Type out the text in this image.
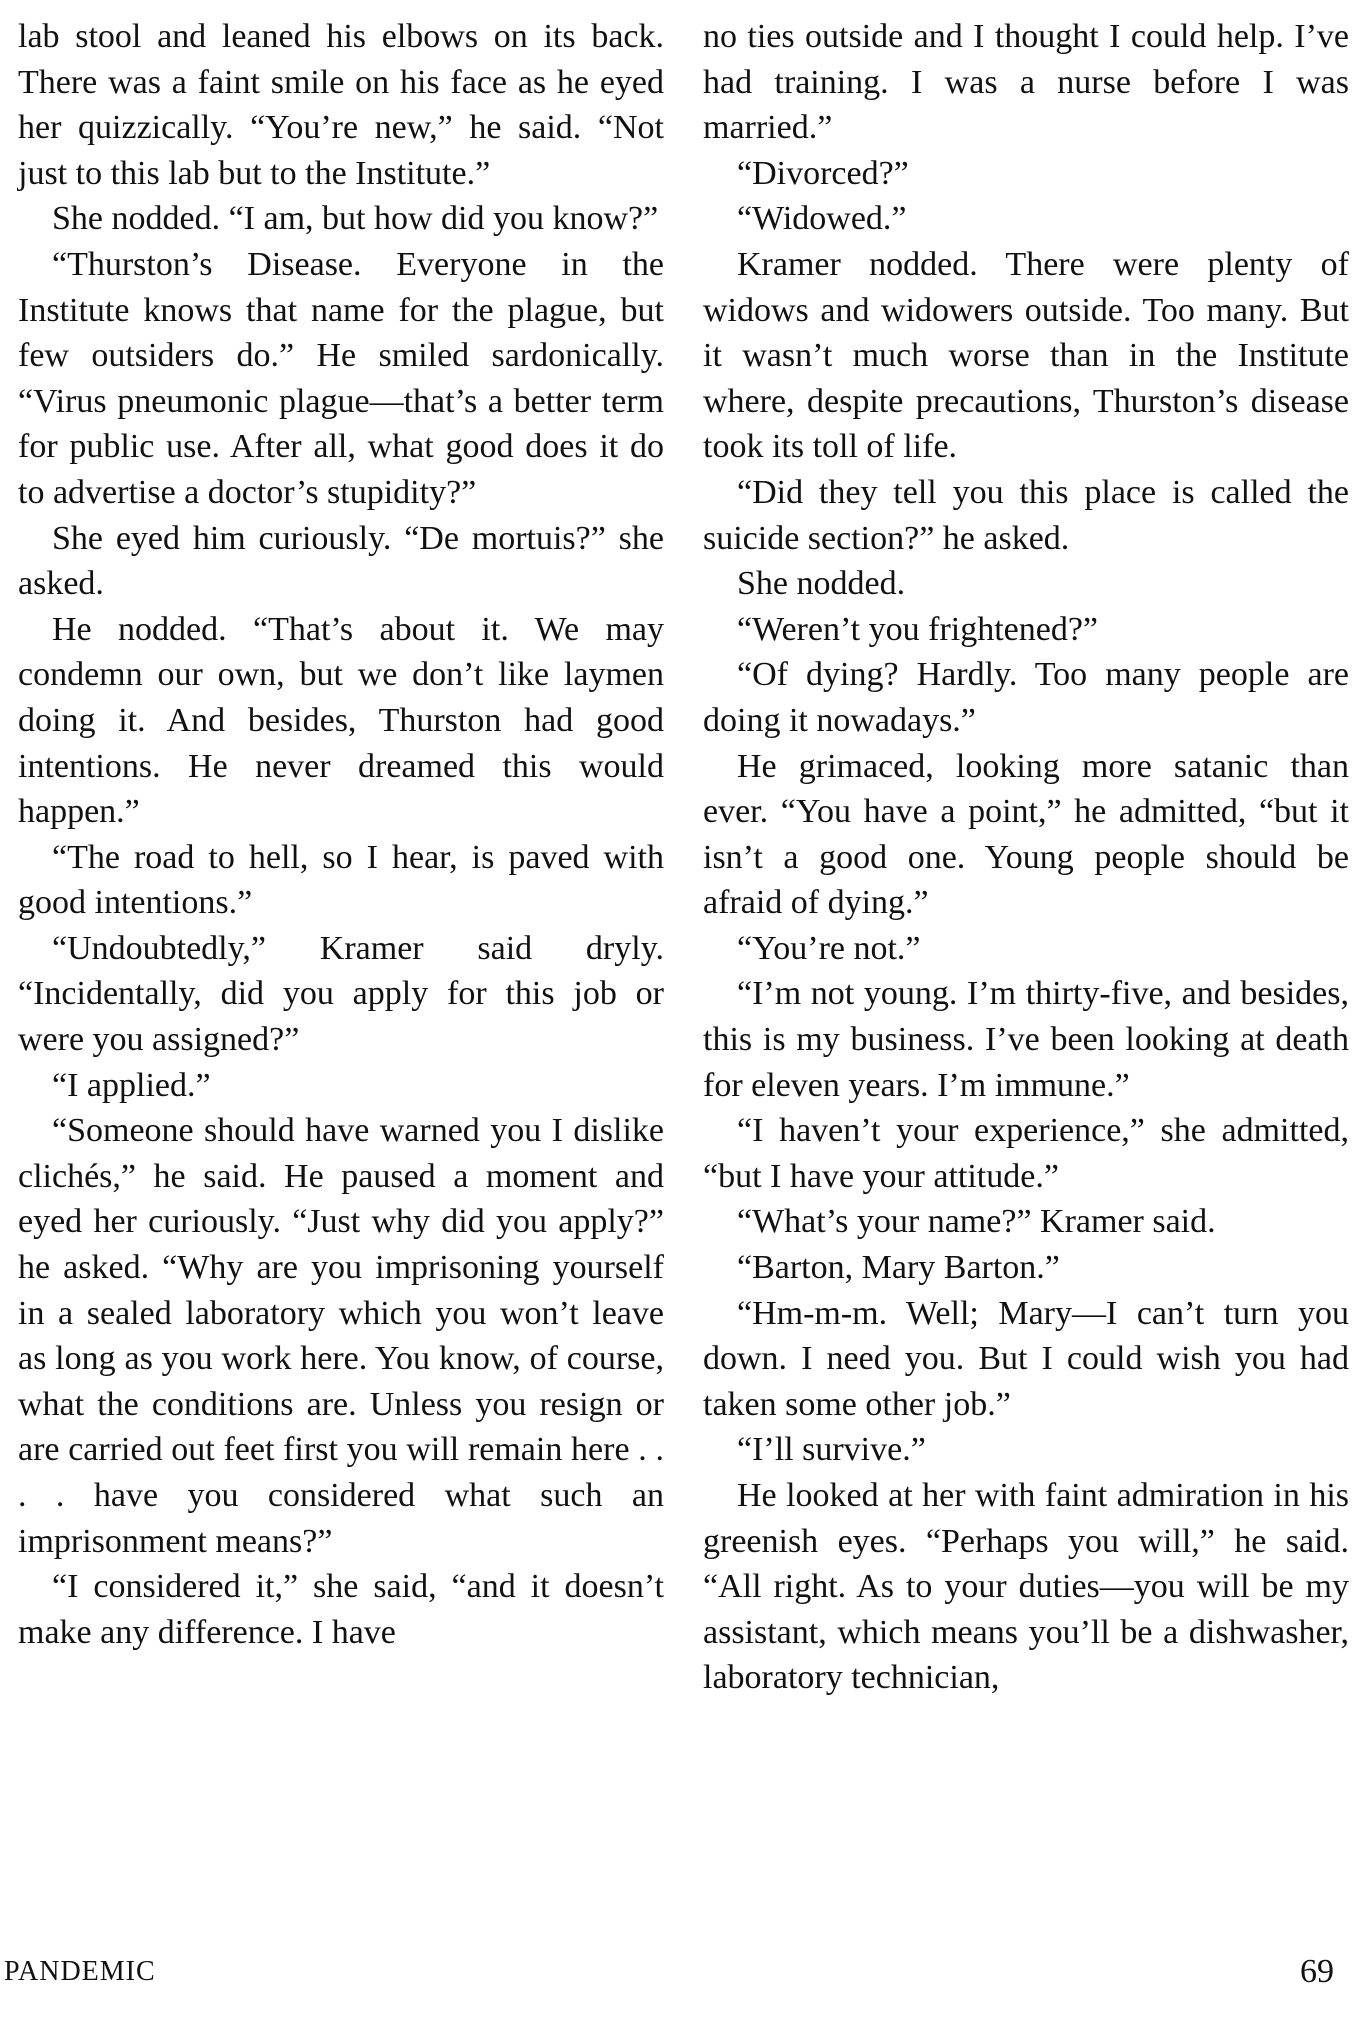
lab stool and leaned his elbows on its back. There was a faint smile on his face as he eyed her quizzically. “You’re new,” he said. “Not just to this lab but to the Institute.”

She nodded. “I am, but how did you know?”

“Thurston’s Disease. Everyone in the Institute knows that name for the plague, but few outsiders do.” He smiled sardonically. “Virus pneumonic plague—that’s a better term for public use. After all, what good does it do to advertise a doctor’s stupidity?”

She eyed him curiously. “De mortuis?” she asked.

He nodded. “That’s about it. We may condemn our own, but we don’t like laymen doing it. And besides, Thurston had good intentions. He never dreamed this would happen.”

“The road to hell, so I hear, is paved with good intentions.”

“Undoubtedly,” Kramer said dryly. “Incidentally, did you apply for this job or were you assigned?”

“I applied.”

“Someone should have warned you I dislike clichés,” he said. He paused a moment and eyed her curiously. “Just why did you apply?” he asked. “Why are you imprisoning yourself in a sealed laboratory which you won’t leave as long as you work here. You know, of course, what the conditions are. Unless you resign or are carried out feet first you will remain here . . . . have you considered what such an imprisonment means?”

“I considered it,” she said, “and it doesn’t make any difference. I have

no ties outside and I thought I could help. I’ve had training. I was a nurse before I was married.”

“Divorced?”

“Widowed.”

Kramer nodded. There were plenty of widows and widowers outside. Too many. But it wasn’t much worse than in the Institute where, despite precautions, Thurston’s disease took its toll of life.

“Did they tell you this place is called the suicide section?” he asked.

She nodded.

“Weren’t you frightened?”

“Of dying? Hardly. Too many people are doing it nowadays.”

He grimaced, looking more satanic than ever. “You have a point,” he admitted, “but it isn’t a good one. Young people should be afraid of dying.”

“You’re not.”

“I’m not young. I’m thirty-five, and besides, this is my business. I’ve been looking at death for eleven years. I’m immune.”

“I haven’t your experience,” she admitted, “but I have your attitude.”

“What’s your name?” Kramer said.

“Barton, Mary Barton.”

“Hm-m-m. Well; Mary—I can’t turn you down. I need you. But I could wish you had taken some other job.”

“I’ll survive.”

He looked at her with faint admiration in his greenish eyes. “Perhaps you will,” he said. “All right. As to your duties—you will be my assistant, which means you’ll be a dishwasher, laboratory technician,

PANDEMIC	69
